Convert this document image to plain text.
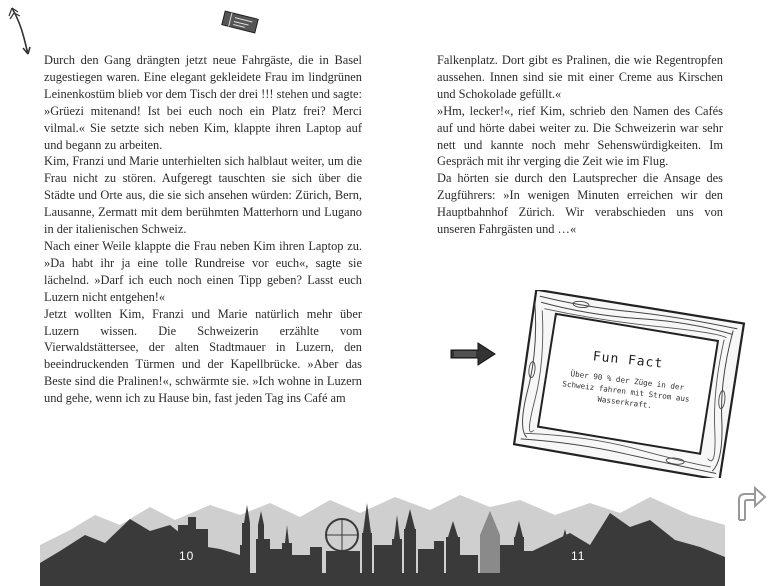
Durch den Gang drängten jetzt neue Fahrgäste, die in Basel zugestiegen waren. Eine elegant gekleidete Frau im lindgrünen Leinenkostüm blieb vor dem Tisch der drei !!! stehen und sagte: »Grüezi mitenand! Ist bei euch noch ein Platz frei? Merci vilmal.« Sie setzte sich neben Kim, klappte ihren Laptop auf und begann zu arbeiten.

Kim, Franzi und Marie unterhielten sich halblaut weiter, um die Frau nicht zu stören. Aufgeregt tauschten sie sich über die Städte und Orte aus, die sie sich ansehen würden: Zürich, Bern, Lausanne, Zermatt mit dem berühmten Matterhorn und Lugano in der italienischen Schweiz.

Nach einer Weile klappte die Frau neben Kim ihren Laptop zu. »Da habt ihr ja eine tolle Rundreise vor euch«, sagte sie lächelnd. »Darf ich euch noch einen Tipp geben? Lasst euch Luzern nicht entgehen!«

Jetzt wollten Kim, Franzi und Marie natürlich mehr über Luzern wissen. Die Schweizerin erzählte vom Vierwaldstättersee, der alten Stadtmauer in Luzern, den beeindruckenden Türmen und der Kapellbrücke. »Aber das Beste sind die Pralinen!«, schwärmte sie. »Ich wohne in Luzern und gehe, wenn ich zu Hause bin, fast jeden Tag ins Café am

Falkenplatz. Dort gibt es Pralinen, die wie Regentropfen aussehen. Innen sind sie mit einer Creme aus Kirschen und Schokolade gefüllt.«

»Hm, lecker!«, rief Kim, schrieb den Namen des Cafés auf und hörte dabei weiter zu. Die Schweizerin war sehr nett und kannte noch mehr Sehenswürdigkeiten. Im Gespräch mit ihr verging die Zeit wie im Flug.

Da hörten sie durch den Lautsprecher die Ansage des Zugführers: »In wenigen Minuten erreichen wir den Hauptbahnhof Zürich. Wir verabschieden uns von unseren Fahrgästen und …«

Fun Fact
Über 90 % der Züge in der Schweiz fahren mit Strom aus Wasserkraft.
10	11
